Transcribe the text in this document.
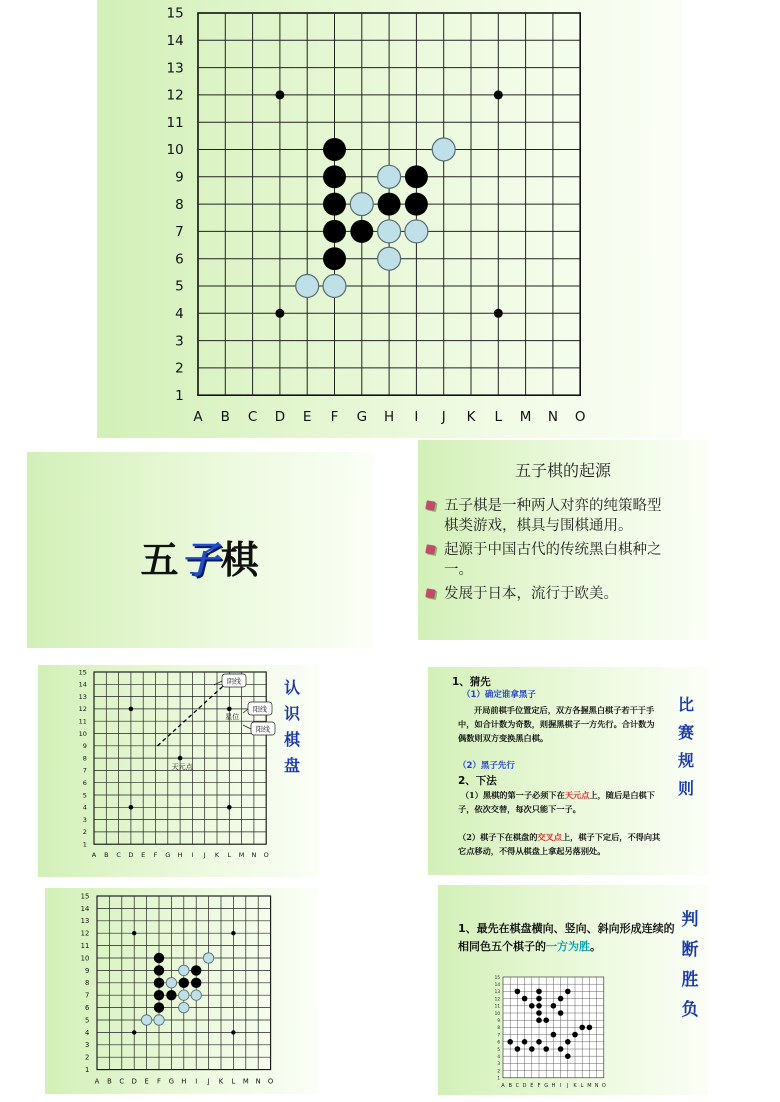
A B C D E F G H I J K L M N O
1
2
3
4
5
6
7
8
9
10
11
12
13
14
15
五子棋
五子棋的起源
五子棋是一种两人对弈的纯策略型棋类游戏，棋具与围棋通用。
起源于中国古代的传统黑白棋种之一。
发展于日本，流行于欧美。
A B C D E F G H I J K L M N O
1
2
3
4
5
6
7
8
9
10
11
12
13
14
15
天元点
星位
阴线
阳线
阳线
认
识
棋
盘
1、猜先
（1）确定谁拿黑子
开局前棋手位置定后，双方各握黑白棋子若干于手中，如合计数为奇数，则握黑棋子一方先行。合计数为偶数则双方变换黑白棋。
（2）黑子先行
2、下法
（1）黑棋的第一子必须下在天元点上，随后是白棋下子，依次交替，每次只能下一子。
（2）棋子下在棋盘的交叉点上，棋子下定后，不得向其它点移动，不得从棋盘上拿起另落别处。
比
赛
规
则
A B C D E F G H I J K L M N O
1
2
3
4
5
6
7
8
9
10
11
12
13
14
15
1、最先在棋盘横向、竖向、斜向形成连续的相同色五个棋子的一方为胜。
A B C D E F G H I J K L M N O
1
2
3
4
5
6
7
8
9
10
11
12
13
14
15
判
断
胜
负
